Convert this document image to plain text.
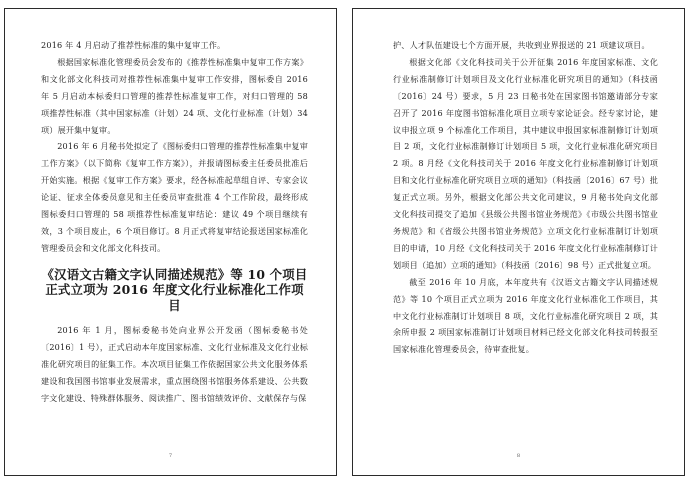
2016 年 4 月启动了推荐性标准的集中复审工作。

根据国家标准化管理委员会发布的《推荐性标准集中复审工作方案》和文化部文化科技司对推荐性标准集中复审工作安排，图标委自 2016 年 5 月启动本标委归口管理的推荐性标准复审工作，对归口管理的 58 项推荐性标准（其中国家标准（计划）24 项、文化行业标准（计划）34 项）展开集中复审。

2016 年 6 月秘书处拟定了《图标委归口管理的推荐性标准集中复审工作方案》（以下简称《复审工作方案》），并报请图标委主任委员批准后开始实施。根据《复审工作方案》要求，经各标准起草组自评、专家会议论证、征求全体委员意见和主任委员审查批准 4 个工作阶段，最终形成图标委归口管理的 58 项推荐性标准复审结论：建议 49 个项目继续有效，3 个项目废止，6 个项目修订。8 月正式将复审结论报送国家标准化管理委员会和文化部文化科技司。

《汉语文古籍文字认同描述规范》等 10 个项目正式立项为 2016 年度文化行业标准化工作项目

2016 年 1 月，图标委秘书处向业界公开发函（图标委秘书处〔2016〕1 号），正式启动本年度国家标准、文化行业标准及文化行业标准化研究项目的征集工作。本次项目征集工作依据国家公共文化服务体系建设和我国图书馆事业发展需求，重点围绕图书馆服务体系建设、公共数字文化建设、特殊群体服务、阅读推广、图书馆绩效评价、文献保存与保

7

护、人才队伍建设七个方面开展，共收到业界报送的 21 项建议项目。

根据文化部《文化科技司关于公开征集 2016 年度国家标准、文化行业标准制修订计划项目及文化行业标准化研究项目的通知》（科技函〔2016〕24 号）要求，5 月 23 日秘书处在国家图书馆邀请部分专家召开了 2016 年度图书馆标准化项目立项专家论证会。经专家讨论，建议申报立项 9 个标准化工作项目，其中建议申报国家标准制修订计划项目 2 项，文化行业标准制修订计划项目 5 项，文化行业标准化研究项目 2 项。8 月经《文化科技司关于 2016 年度文化行业标准制修订计划项目和文化行业标准化研究项目立项的通知》（科技函〔2016〕67 号）批复正式立项。另外，根据文化部公共文化司建议，9 月秘书处向文化部文化科技司提交了追加《县级公共图书馆业务规范》《市级公共图书馆业务规范》和《省级公共图书馆业务规范》立项文化行业标准制订计划项目的申请，10 月经《文化科技司关于 2016 年度文化行业标准制修订计划项目（追加）立项的通知》（科技函〔2016〕98 号）正式批复立项。

截至 2016 年 10 月底，本年度共有《汉语文古籍文字认同描述规范》等 10 个项目正式立项为 2016 年度文化行业标准化工作项目，其中文化行业标准制订计划项目 8 项，文化行业标准化研究项目 2 项，其余所申报 2 项国家标准制订计划项目材料已经文化部文化科技司转报至国家标准化管理委员会，待审查批复。

8
